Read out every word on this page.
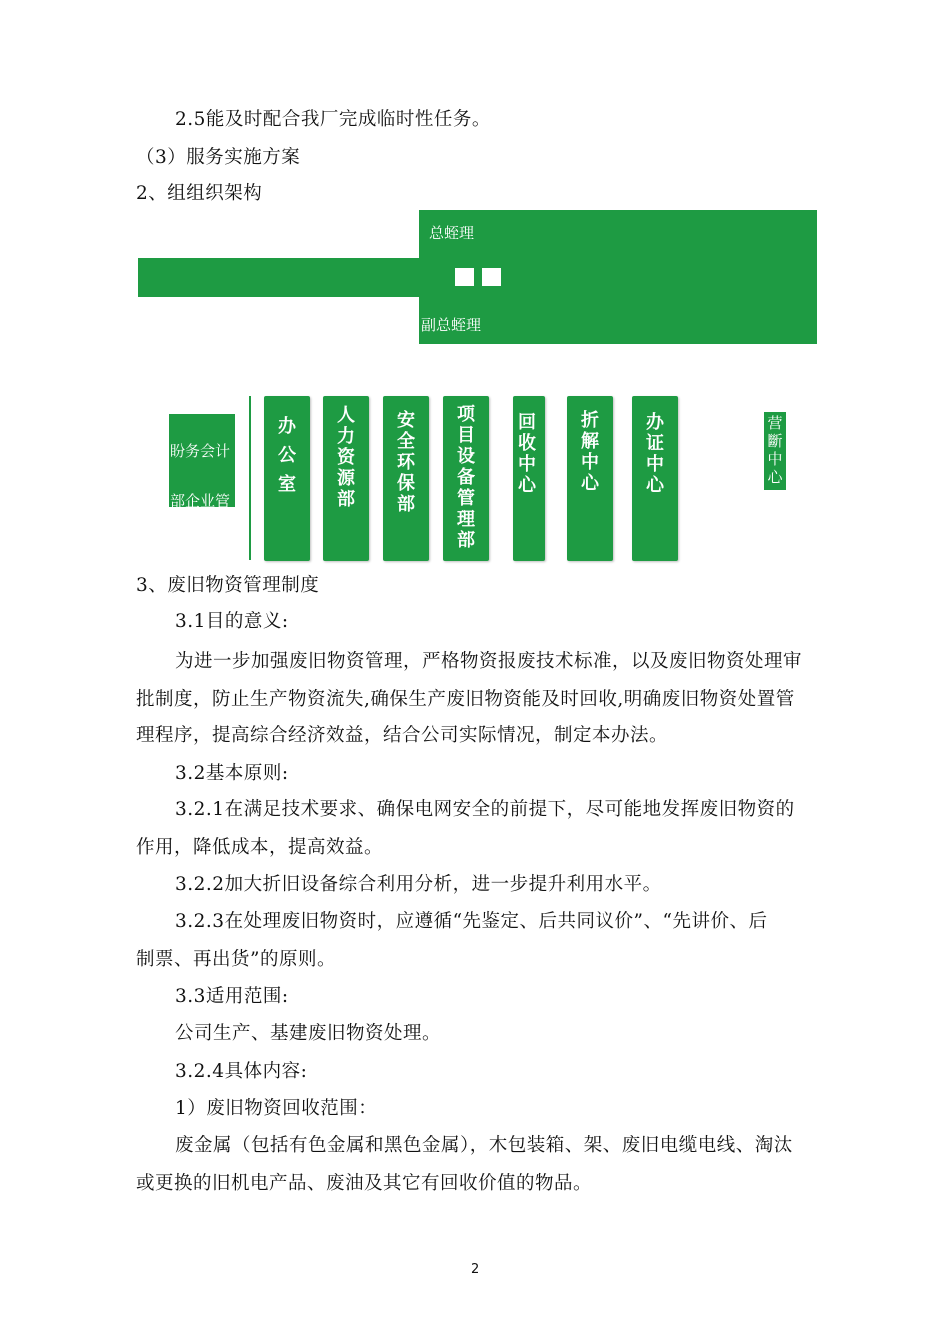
2.5能及时配合我厂完成临时性任务。
（3）服务实施方案
2、组组织架构
总蛭理
副总蛭理
盼务会计
部企业管
办公室
人力资源部
安全环保部
项目设备管理部
回收中心
折解中心
办证中心
营斷中心
3、废旧物资管理制度
3.1目的意义:
为进一步加强废旧物资管理，严格物资报废技术标准，以及废旧物资处理审
批制度，防止生产物资流失,确保生产废旧物资能及时回收,明确废旧物资处置管
理程序，提高综合经济效益，结合公司实际情况，制定本办法。
3.2基本原则:
3.2.1在满足技术要求、确保电网安全的前提下，尽可能地发挥废旧物资的
作用，降低成本，提高效益。
3.2.2加大折旧设备综合利用分析，进一步提升利用水平。
3.2.3在处理废旧物资时，应遵循“先鉴定、后共同议价”、“先讲价、后
制票、再出货”的原则。
3.3适用范围:
公司生产、基建废旧物资处理。
3.2.4具体内容:
1）废旧物资回收范围：
废金属（包括有色金属和黑色金属），木包装箱、架、废旧电缆电线、淘汰
或更换的旧机电产品、废油及其它有回收价值的物品。
2
